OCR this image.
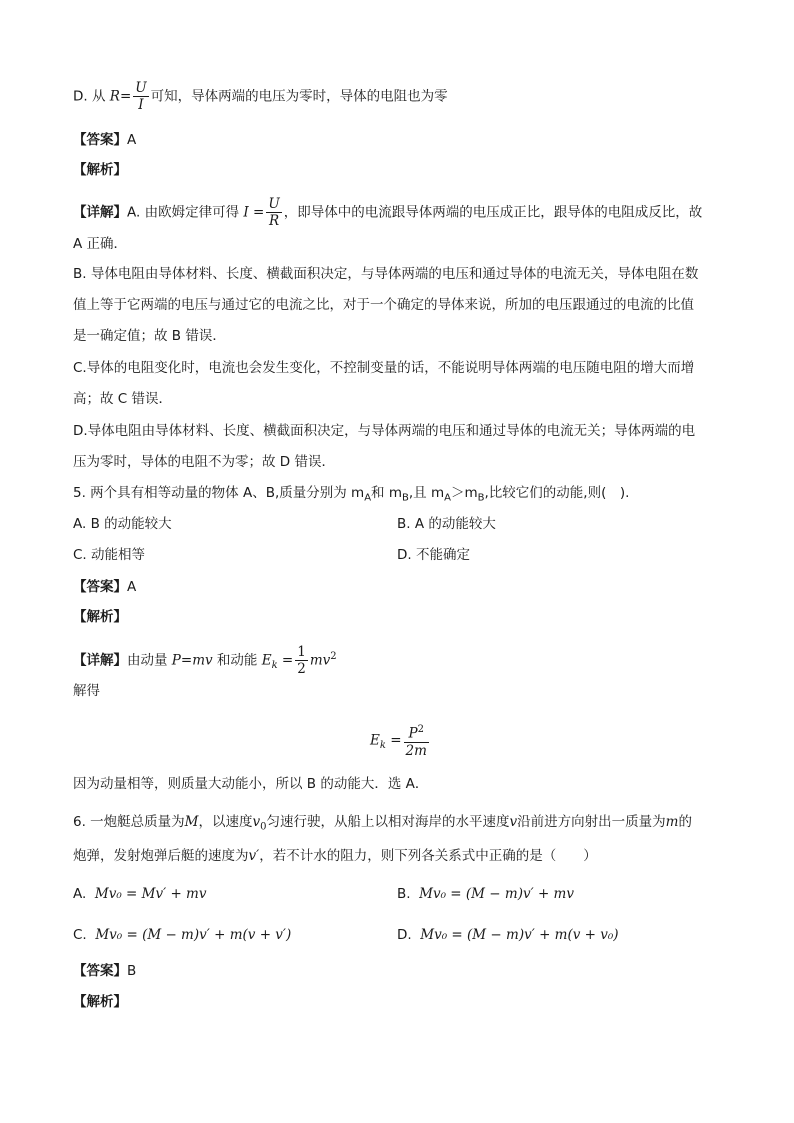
D. 从 $R= \frac{U}{I}$ 可知，导体两端的电压为零时，导体的电阻也为零
【答案】A
【解析】
【详解】A. 由欧姆定律可得 $I = \frac{U}{R}$ ，即导体中的电流跟导体两端的电压成正比，跟导体的电阻成反比，故
A 正确．
B. 导体电阻由导体材料、长度、横截面积决定，与导体两端的电压和通过导体的电流无关，导体电阻在数
值上等于它两端的电压与通过它的电流之比，对于一个确定的导体来说，所加的电压跟通过的电流的比值
是一确定值；故 B 错误．
C.导体的电阻变化时，电流也会发生变化，不控制变量的话，不能说明导体两端的电压随电阻的增大而增
高；故 C 错误．
D.导体电阻由导体材料、长度、横截面积决定，与导体两端的电压和通过导体的电流无关；导体两端的电
压为零时，导体的电阻不为零；故 D 错误．
5. 两个具有相等动量的物体 A、B,质量分别为 $m_A$和 $m_B$,且 $m_A>m_B$,比较它们的动能,则(　).
A. B 的动能较大	B. A 的动能较大
C. 动能相等	D. 不能确定
【答案】A
【解析】
【详解】由动量 P=mv 和动能 $E_k = \frac{1}{2} mv^2$
解得
$E_k = \frac{P^2}{2m}$
因为动量相等，则质量大动能小，所以 B 的动能大．选 A．
6. 一炮艇总质量为M，以速度$v_0$匀速行驶，从船上以相对海岸的水平速度v沿前进方向射出一质量为m的
炮弹，发射炮弹后艇的速度为v′，若不计水的阻力，则下列各关系式中正确的是（　　）
A. Mv₀ = Mv′ + mv	B. Mv₀ = (M − m)v′ + mv
C. Mv₀ = (M − m)v′ + m(v + v′)	D. Mv₀ = (M − m)v′ + m(v + v₀)
【答案】B
【解析】
